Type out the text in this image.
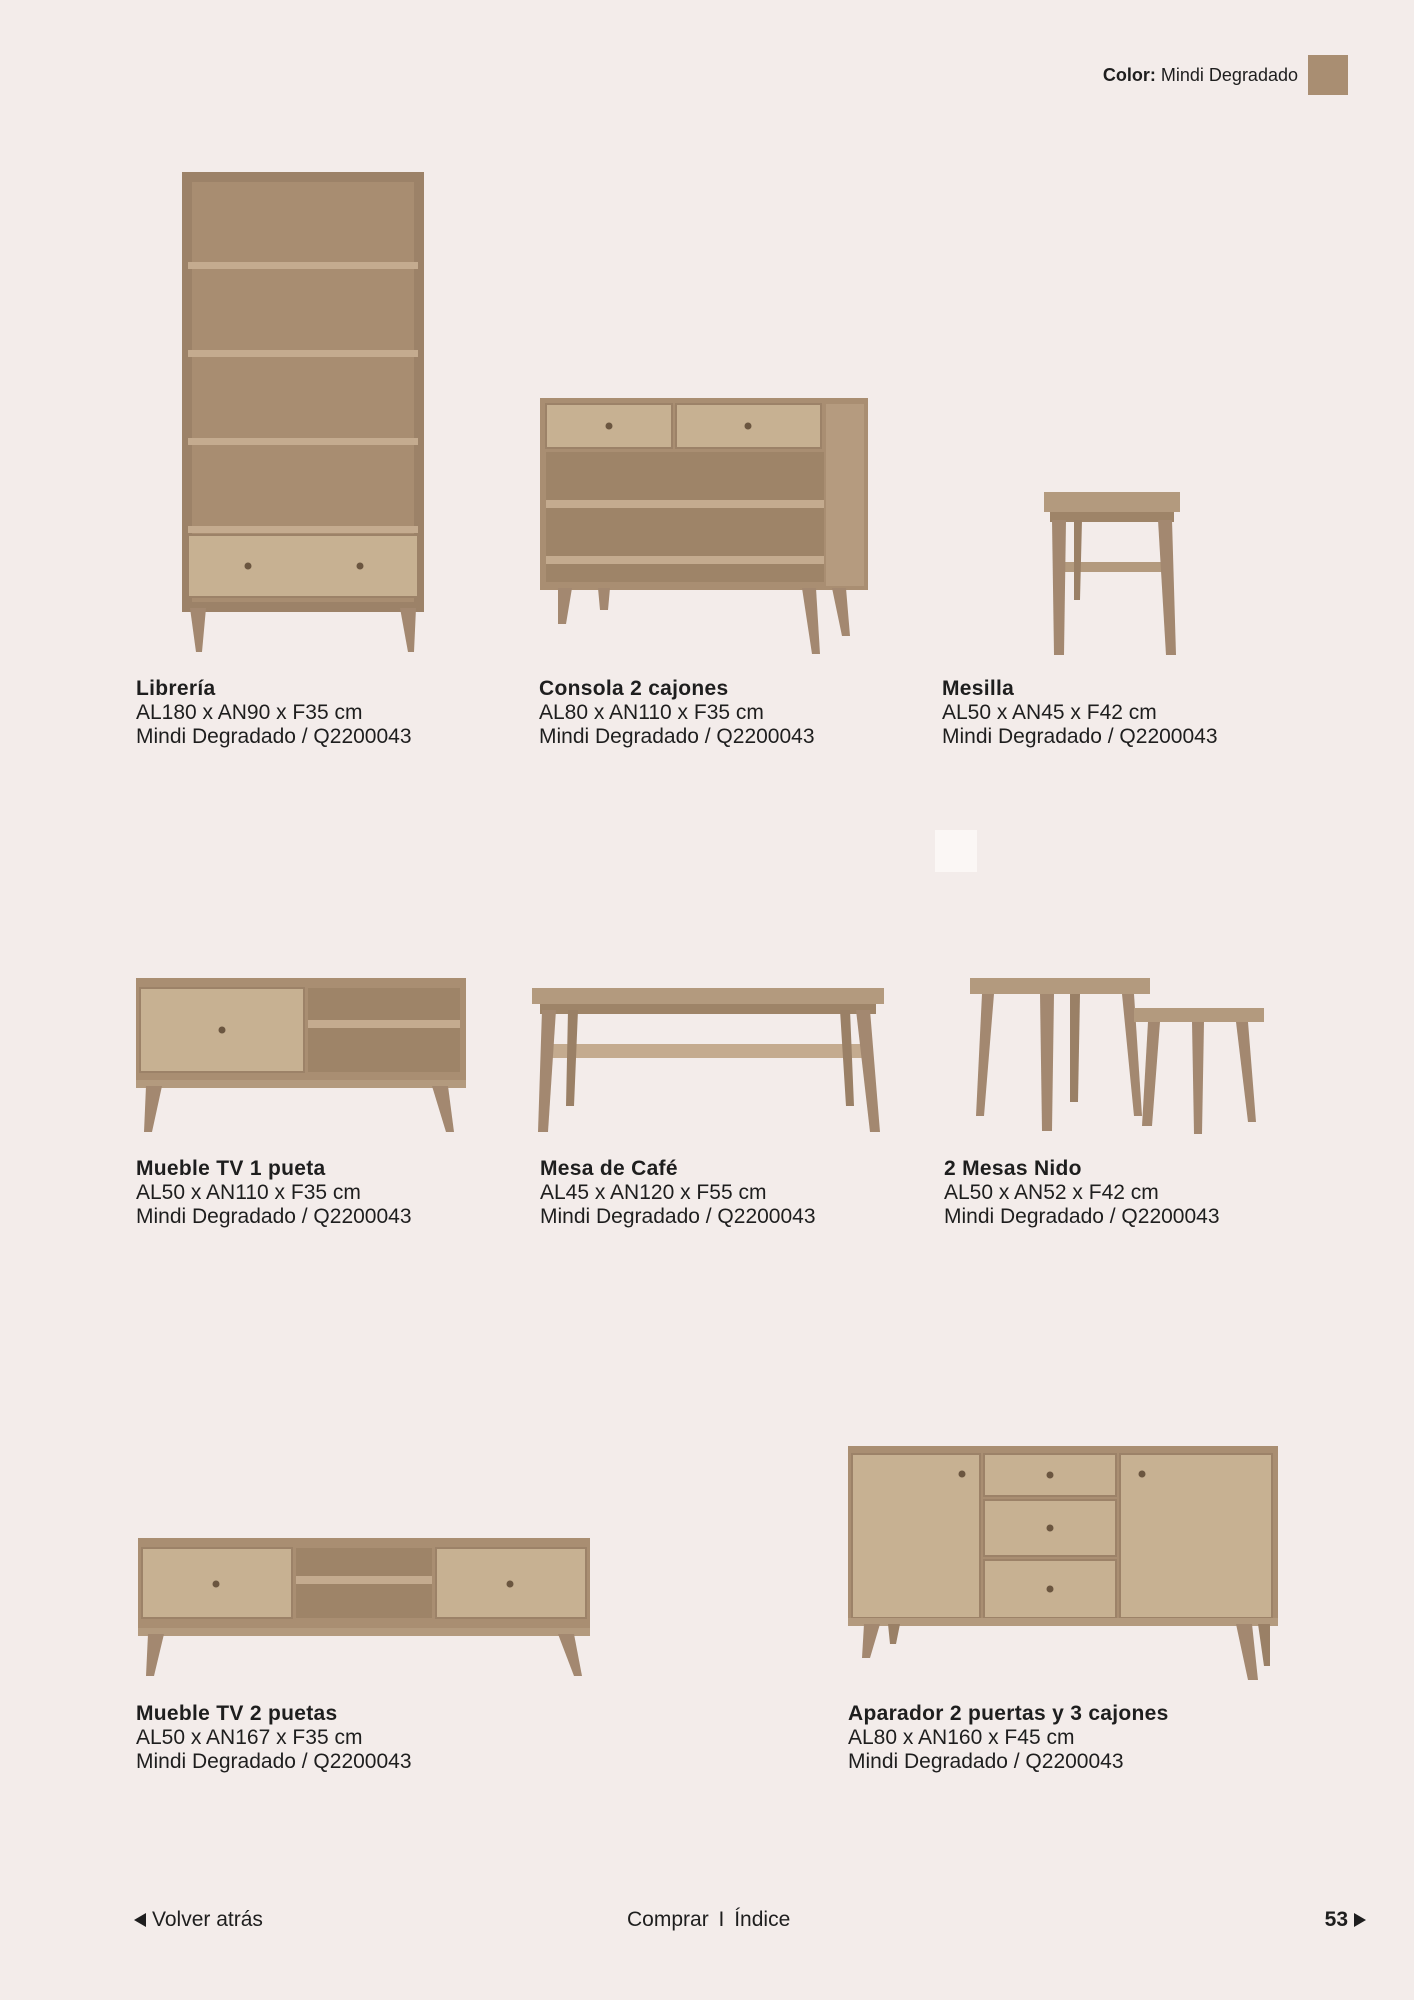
Color: Mindi Degradado
Librería
AL180 x AN90 x F35 cm
Mindi Degradado / Q2200043
Consola 2 cajones
AL80 x AN110 x F35 cm
Mindi Degradado / Q2200043
Mesilla
AL50 x AN45 x F42 cm
Mindi Degradado / Q2200043
Mueble TV 1 pueta
AL50 x AN110 x F35 cm
Mindi Degradado / Q2200043
Mesa de Café
AL45 x AN120 x F55 cm
Mindi Degradado / Q2200043
2 Mesas Nido
AL50 x AN52 x F42 cm
Mindi Degradado / Q2200043
Mueble TV 2 puetas
AL50 x AN167 x F35 cm
Mindi Degradado / Q2200043
Aparador 2 puertas y 3 cajones
AL80 x AN160 x F45 cm
Mindi Degradado / Q2200043
Volver atrás	Comprar I Índice	53
